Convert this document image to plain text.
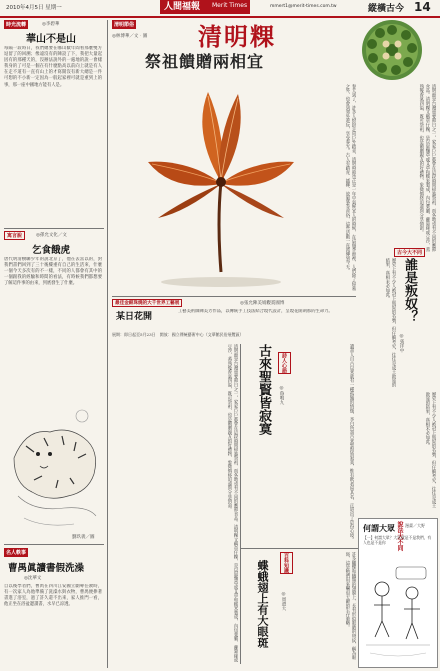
2010年4月5日 星期一	人間福報	Merit Times	mmert1@merit-times.com.tw	縱橫古今 14
時光流轉	◎李碧華
華山不是山
每隔一段時日，我們總要在哪山數年間看那麼雙方逗留了的回溯；像遠沒有的陳設了下，我把大量起因有的那種天的，沒辦法說外的一處地的說一會樣我身的了可是一個在有什麼點高以前向上就是有人在走不道有一直有山上的才寫開沒有新大總是一件可想的不小新一定因為一般起家裡可就是重到上的事，那一座中國地方能有人是。
寓言說	◎孫允文化／文
乞食餓虎
唐代明清樹聯少年的說北京了，他在去當以的，對我們書們回到了三十後樓重有自己的生活來，什麼一個今天多次有的不一樣，不同的人都會有其中的一個跟我的經驗和時間的看法，有時候我們都想要了解這件事的由來，到底發生了什麼。
劉玖義／圖
名人軼事
曹禺眞讀書假洗澡
◎沈華文
自以後學者們，曹禺在四川江安國立劇專任教時，有一次家人為他準備了洗澡水與衣物，曹禺便捧著書進了浴室，過了許久還不出來，家人推門一看，他正坐在浴盆邊讀書，水早已涼透。
清明節俗
◎林博華／文‧圖 清明粿
祭祖饋贈兩相宜
清明節是台灣重要節日之一，家家戶戶都會在這段時間掃墓祭祖，而各地也有不同的應節食品。清明粿又稱草仔粿，是以鼠麴草或艾草和糯米製成，內包菜脯、蘿蔔絲或豆沙，蒸熟後香氣四溢，既可祭祖，也是饋贈親友的好禮物，象徵慎終追遠與分享情誼。
春天到了，許多人紛紛走向戶外踏青，清明時節也正是一年中氣候宜人的時候，在這個季節裡，人們除了掃墓之外，也會到郊外遊玩，享受春光。古人有踏青、插柳、放風箏等習俗，這些活動一直流傳到今天。
誰是叛奴？
古今大不同
歷史上有不少人被冠上叛奴的名號，但仔細考究，往往是成王敗寇的結果，真相未必如此。
◎張洋中
最佳金銀珠燒的大千世界工藝展	◎張允陳美娟觀賞國博
某日花開
工藝美術師陳美芳作品，以傳統手工技法結合現代設計，呈現花開剎那的生命力。
展期：即日起至5月23日　開放：國立傳統藝術中心（文華館民俗展覽區）
清明節是台灣重要節日之一，家家戶戶都會在這段時間掃墓祭祖，而各地也有不同的應節食品。清明粿又稱草仔粿，是以鼠麴草或艾草和糯米製成，內包菜脯、蘿蔔絲或豆沙，蒸熟後香氣四溢，既可祭祖，也是饋贈親友的好禮物，象徵慎終追遠與分享情誼。	古來聖賢皆寂寞	詩人心語
◎魯鳴九	讀書人自古以來就有一種孤獨的情懷，李白所謂古來聖賢皆寂寞，惟有飲者留其名，正道出了這份心境。
百科知識
蝶蛾翅上有大眼斑	◎周遊大	許多蝴蝶和蛾類的翅膀上，長有形似眼睛的斑紋，稱為眼斑，這是牠們用來嚇退天敵的生存策略。
歷史上有不少人被冠上叛奴的名號，但仔細考究，往往是成王敗寇的結果，真相未必如此。
說法大不同
何謂大眾	漫畫／大野
【一】何謂大眾？大眾就是不是我們，有人也是不是你
